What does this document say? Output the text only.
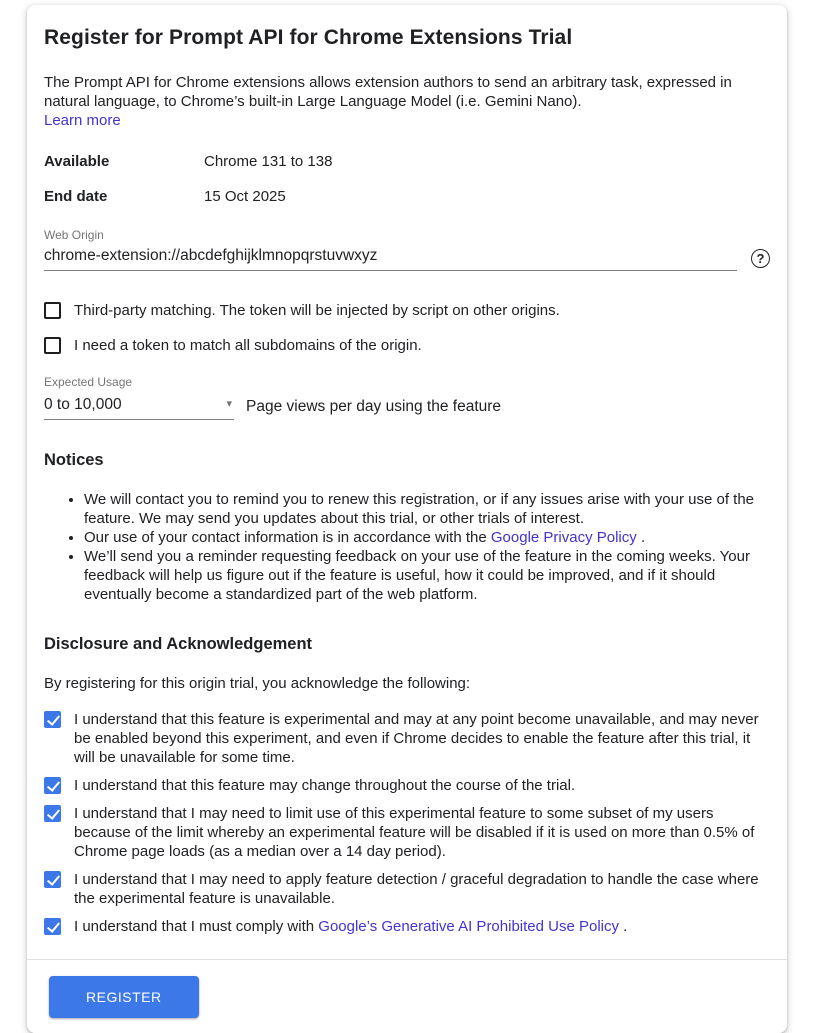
Register for Prompt API for Chrome Extensions Trial
The Prompt API for Chrome extensions allows extension authors to send an arbitrary task, expressed in natural language, to Chrome’s built-in Large Language Model (i.e. Gemini Nano).
Learn more
Available	Chrome 131 to 138
End date	15 Oct 2025
Web Origin
chrome-extension://abcdefghijklmnopqrstuvwxyz
?
Third-party matching. The token will be injected by script on other origins.
I need a token to match all subdomains of the origin.
Expected Usage
0 to 10,000	▾ Page views per day using the feature
Notices
• We will contact you to remind you to renew this registration, or if any issues arise with your use of the feature. We may send you updates about this trial, or other trials of interest.
• Our use of your contact information is in accordance with the Google Privacy Policy .
• We’ll send you a reminder requesting feedback on your use of the feature in the coming weeks. Your feedback will help us figure out if the feature is useful, how it could be improved, and if it should eventually become a standardized part of the web platform.
Disclosure and Acknowledgement

By registering for this origin trial, you acknowledge the following:

I understand that this feature is experimental and may at any point become unavailable, and may never be enabled beyond this experiment, and even if Chrome decides to enable the feature after this trial, it will be unavailable for some time.
I understand that this feature may change throughout the course of the trial.
I understand that I may need to limit use of this experimental feature to some subset of my users because of the limit whereby an experimental feature will be disabled if it is used on more than 0.5% of Chrome page loads (as a median over a 14 day period).
I understand that I may need to apply feature detection / graceful degradation to handle the case where the experimental feature is unavailable.
I understand that I must comply with Google’s Generative AI Prohibited Use Policy .
REGISTER
